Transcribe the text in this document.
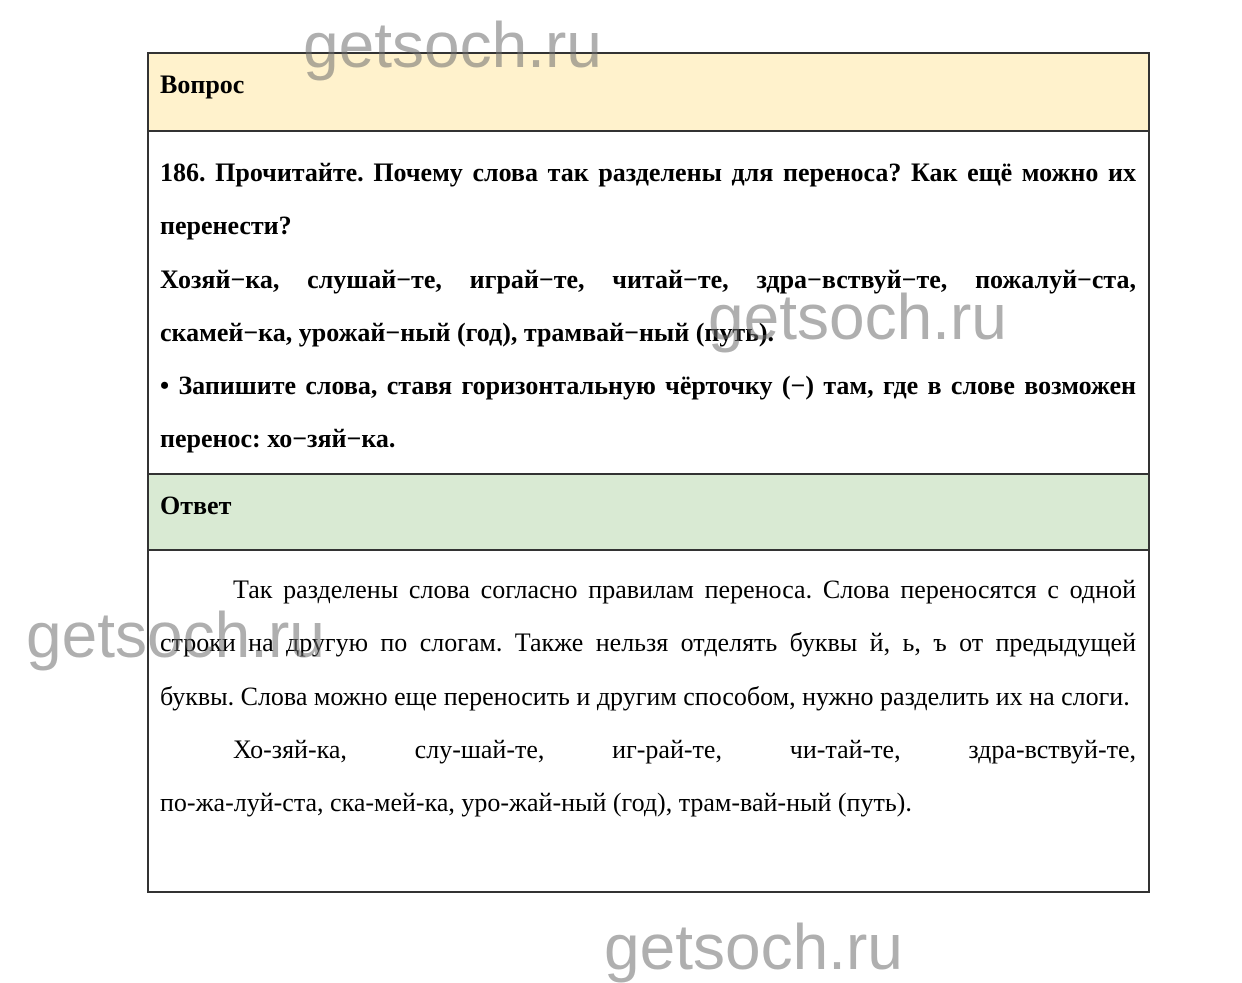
Вопрос

186. Прочитайте. Почему слова так разделены для переноса? Как ещё можно их перенести?

Хозяй−ка, слушай−те, играй−те, читай−те, здра−вствуй−те, пожалуй−ста, скамей−ка, урожай−ный (год), трамвай−ный (путь).

• Запишите слова, ставя горизонтальную чёрточку (−) там, где в слове возможен перенос: хо−зяй−ка.

Ответ

Так разделены слова согласно правилам переноса. Слова переносятся с одной строки на другую по слогам. Также нельзя отделять буквы й, ь, ъ от предыдущей буквы. Слова можно еще переносить и другим способом, нужно разделить их на слоги.

Хо-зяй-ка, слу-шай-те, иг-рай-те, чи-тай-те, здра-вствуй-те,

по-жа-луй-ста, ска-мей-ка, уро-жай-ный (год), трам-вай-ный (путь).

getsoch.ru
getsoch.ru
getsoch.ru
getsoch.ru
